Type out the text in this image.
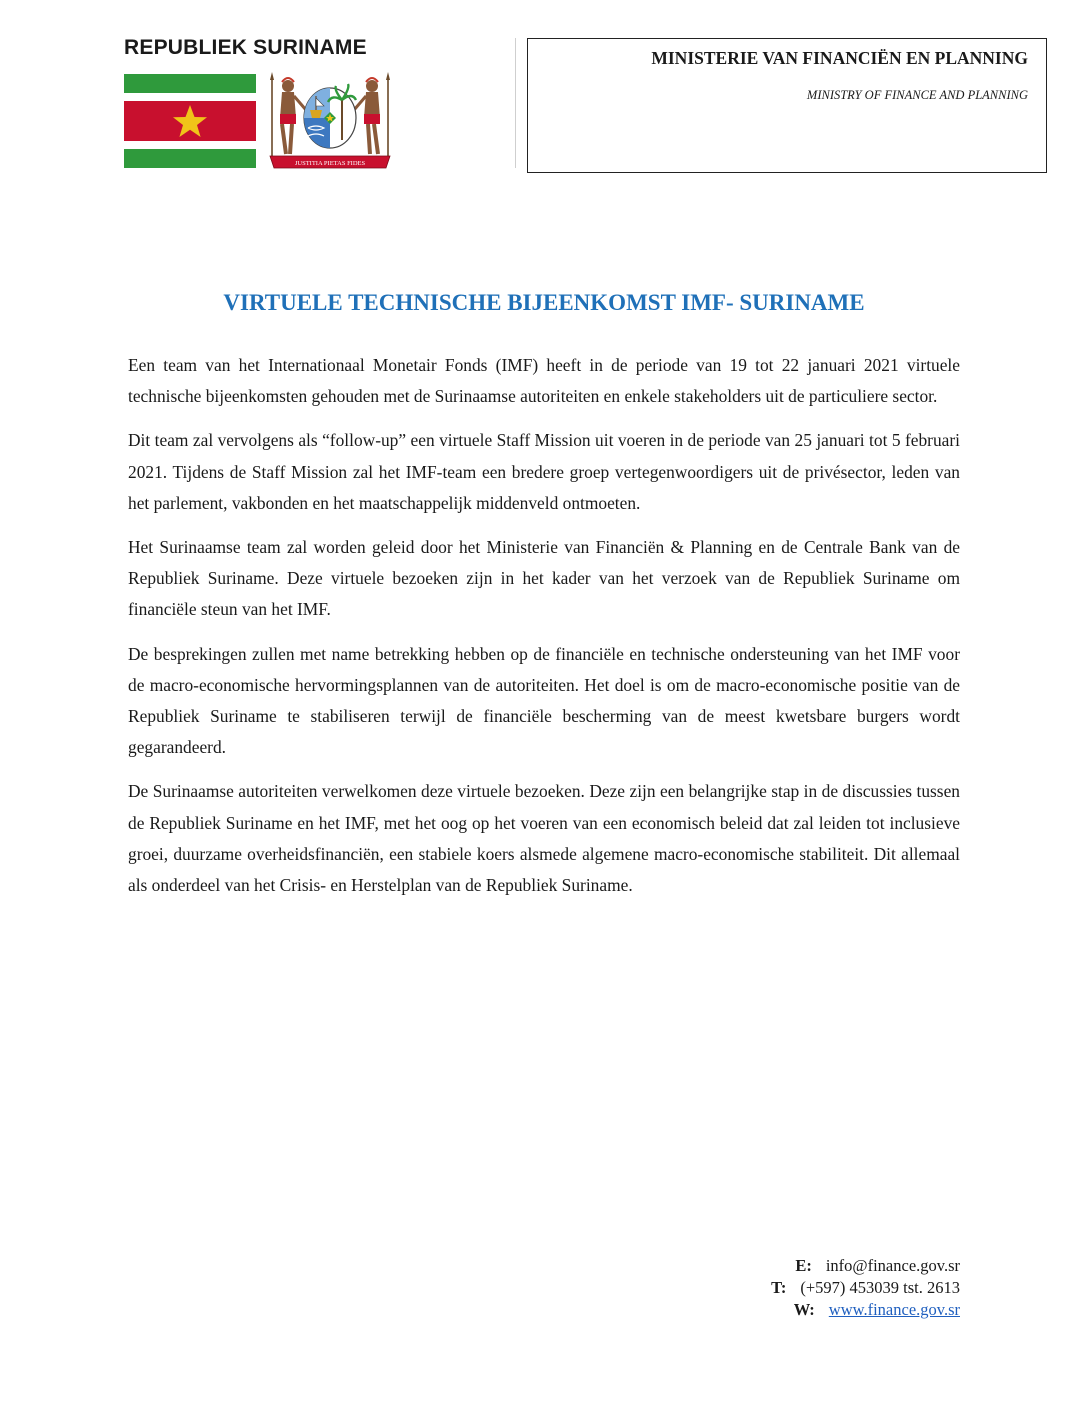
REPUBLIEK SURINAME
JUSTITIA PIETAS FIDES
MINISTERIE VAN FINANCIËN EN PLANNING
MINISTRY OF FINANCE AND PLANNING
VIRTUELE TECHNISCHE BIJEENKOMST IMF- SURINAME

Een team van het Internationaal Monetair Fonds (IMF) heeft in de periode van 19 tot 22 januari 2021 virtuele technische bijeenkomsten gehouden met de Surinaamse autoriteiten en enkele stakeholders uit de particuliere sector.

Dit team zal vervolgens als “follow-up” een virtuele Staff Mission uit voeren in de periode van 25 januari tot 5 februari 2021. Tijdens de Staff Mission zal het IMF-team een bredere groep vertegenwoordigers uit de privésector, leden van het parlement, vakbonden en het maatschappelijk middenveld ontmoeten.

Het Surinaamse team zal worden geleid door het Ministerie van Financiën & Planning en de Centrale Bank van de Republiek Suriname. Deze virtuele bezoeken zijn in het kader van het verzoek van de Republiek Suriname om financiële steun van het IMF.

De besprekingen zullen met name betrekking hebben op de financiële en technische ondersteuning van het IMF voor de macro-economische hervormingsplannen van de autoriteiten. Het doel is om de macro-economische positie van de Republiek Suriname te stabiliseren terwijl de financiële bescherming van de meest kwetsbare burgers wordt gegarandeerd.

De Surinaamse autoriteiten verwelkomen deze virtuele bezoeken. Deze zijn een belangrijke stap in de discussies tussen de Republiek Suriname en het IMF, met het oog op het voeren van een economisch beleid dat zal leiden tot inclusieve groei, duurzame overheidsfinanciën, een stabiele koers alsmede algemene macro-economische stabiliteit. Dit allemaal als onderdeel van het Crisis- en Herstelplan van de Republiek Suriname.

E: info@finance.gov.sr
T: (+597) 453039 tst. 2613
W: www.finance.gov.sr
